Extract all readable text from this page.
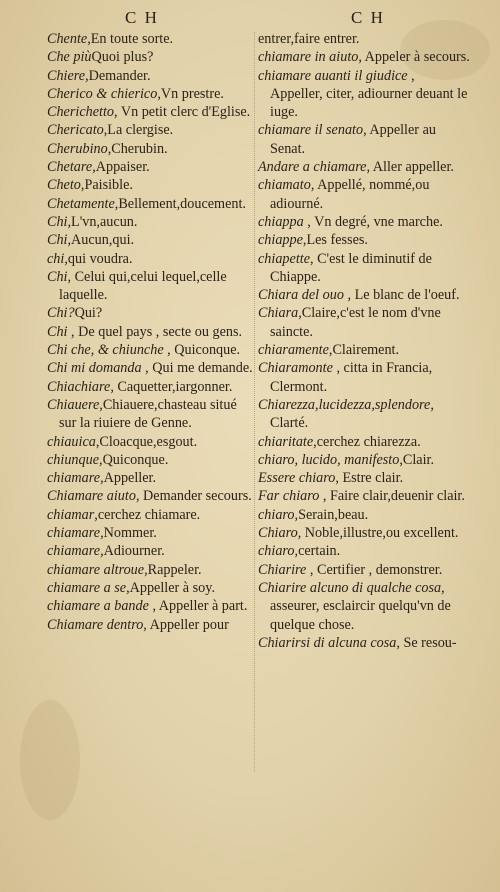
C H	C H

Chente,En toute sorte.

Che piùQuoi plus?

Chiere,Demander.

Cherico & chierico,Vn prestre.

Cherichetto, Vn petit clerc d'Eglise.

Chericato,La clergise.

Cherubino,Cherubin.

Chetare,Appaiser.

Cheto,Paisible.

Chetamente,Bellement,doucement.

Chi,L'vn,aucun.

Chi,Aucun,qui.

chi,qui voudra.

Chi, Celui qui,celui lequel,celle laquelle.

Chi?Qui?

Chi , De quel pays , secte ou gens.

Chi che, & chiunche , Quiconque.

Chi mi domanda , Qui me demande.

Chiachiare, Caquetter,iargonner.

Chiauere,Chiauere,chasteau situé sur la riuiere de Genne.

chiauica,Cloacque,esgout.

chiunque,Quiconque.

chiamare,Appeller.

Chiamare aiuto, Demander secours.

chiamar,cerchez chiamare.

chiamare,Nommer.

chiamare,Adiourner.

chiamare altroue,Rappeler.

chiamare a se,Appeller à soy.

chiamare a bande , Appeller à part.

Chiamare dentro, Appeller pour

entrer,faire entrer.

chiamare in aiuto, Appeler à secours.

chiamare auanti il giudice , Appeller, citer, adiourner deuant le iuge.

chiamare il senato, Appeller au Senat.

Andare a chiamare, Aller appeller.

chiamato, Appellé, nommé,ou adiourné.

chiappa , Vn degré, vne marche.

chiappe,Les fesses.

chiapette, C'est le diminutif de Chiappe.

Chiara del ouo , Le blanc de l'oeuf.

Chiara,Claire,c'est le nom d'vne saincte.

chiaramente,Clairement.

Chiaramonte , citta in Francia, Clermont.

Chiarezza,lucidezza,splendore, Clarté.

chiaritate,cerchez chiarezza.

chiaro, lucido, manifesto,Clair.

Essere chiaro, Estre clair.

Far chiaro , Faire clair,deuenir clair.

chiaro,Serain,beau.

Chiaro, Noble,illustre,ou excellent.

chiaro,certain.

Chiarire , Certifier , demonstrer.

Chiarire alcuno di qualche cosa, asseurer, esclaircir quelqu'vn de quelque chose.

Chiarirsi di alcuna cosa, Se resou-
